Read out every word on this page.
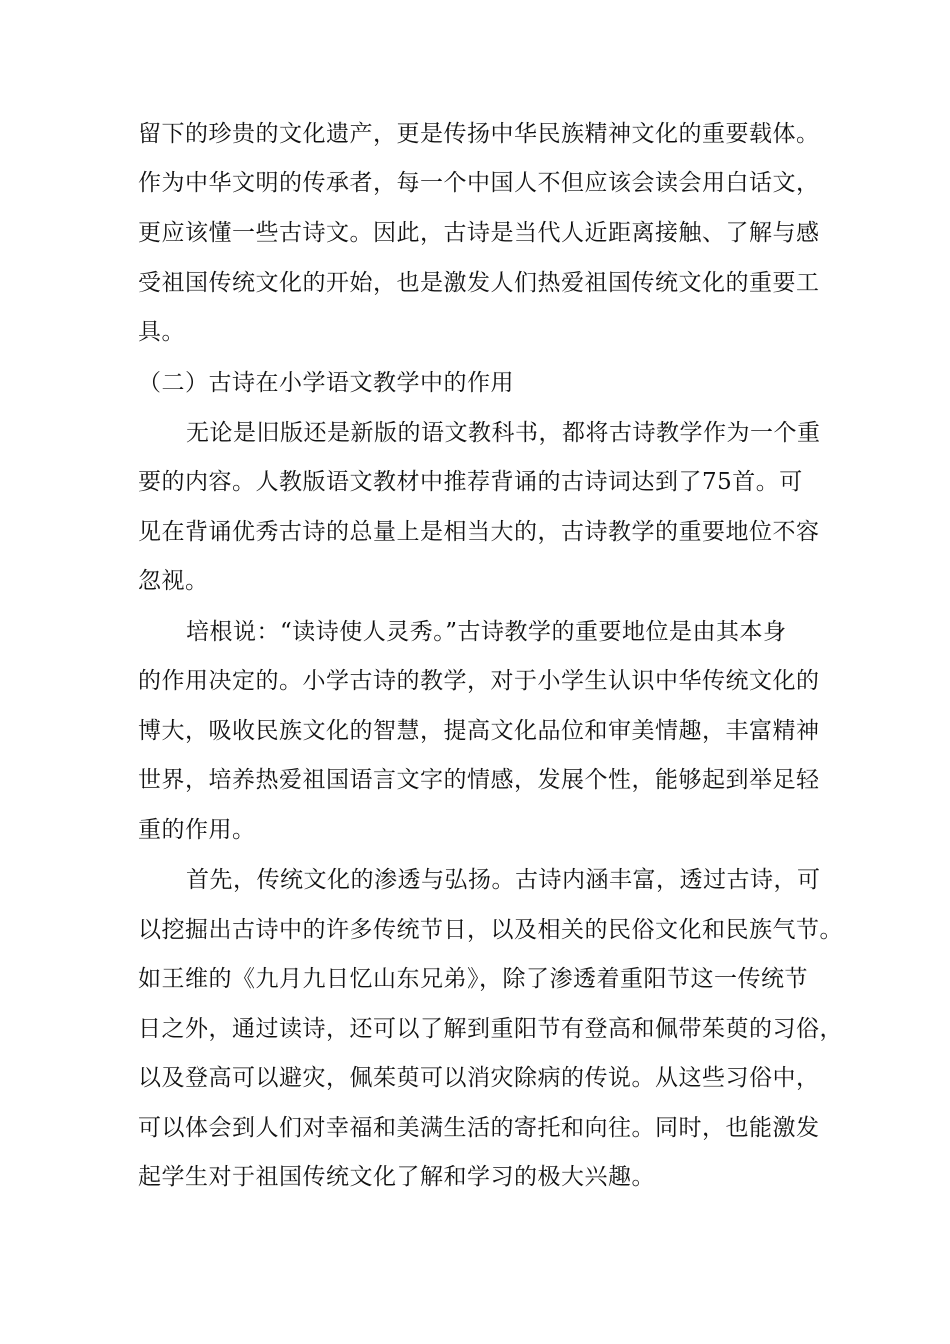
留下的珍贵的文化遗产，更是传扬中华民族精神文化的重要载体。
作为中华文明的传承者，每一个中国人不但应该会读会用白话文，
更应该懂一些古诗文。因此，古诗是当代人近距离接触、了解与感
受祖国传统文化的开始，也是激发人们热爱祖国传统文化的重要工
具。
（二）古诗在小学语文教学中的作用
无论是旧版还是新版的语文教科书，都将古诗教学作为一个重
要的内容。人教版语文教材中推荐背诵的古诗词达到了75首。可
见在背诵优秀古诗的总量上是相当大的，古诗教学的重要地位不容
忽视。
培根说：“读诗使人灵秀。”古诗教学的重要地位是由其本身
的作用决定的。小学古诗的教学，对于小学生认识中华传统文化的
博大，吸收民族文化的智慧，提高文化品位和审美情趣，丰富精神
世界，培养热爱祖国语言文字的情感，发展个性，能够起到举足轻
重的作用。
首先，传统文化的渗透与弘扬。古诗内涵丰富，透过古诗，可
以挖掘出古诗中的许多传统节日，以及相关的民俗文化和民族气节。
如王维的《九月九日忆山东兄弟》，除了渗透着重阳节这一传统节
日之外，通过读诗，还可以了解到重阳节有登高和佩带茱萸的习俗，
以及登高可以避灾，佩茱萸可以消灾除病的传说。从这些习俗中，
可以体会到人们对幸福和美满生活的寄托和向往。同时，也能激发
起学生对于祖国传统文化了解和学习的极大兴趣。
